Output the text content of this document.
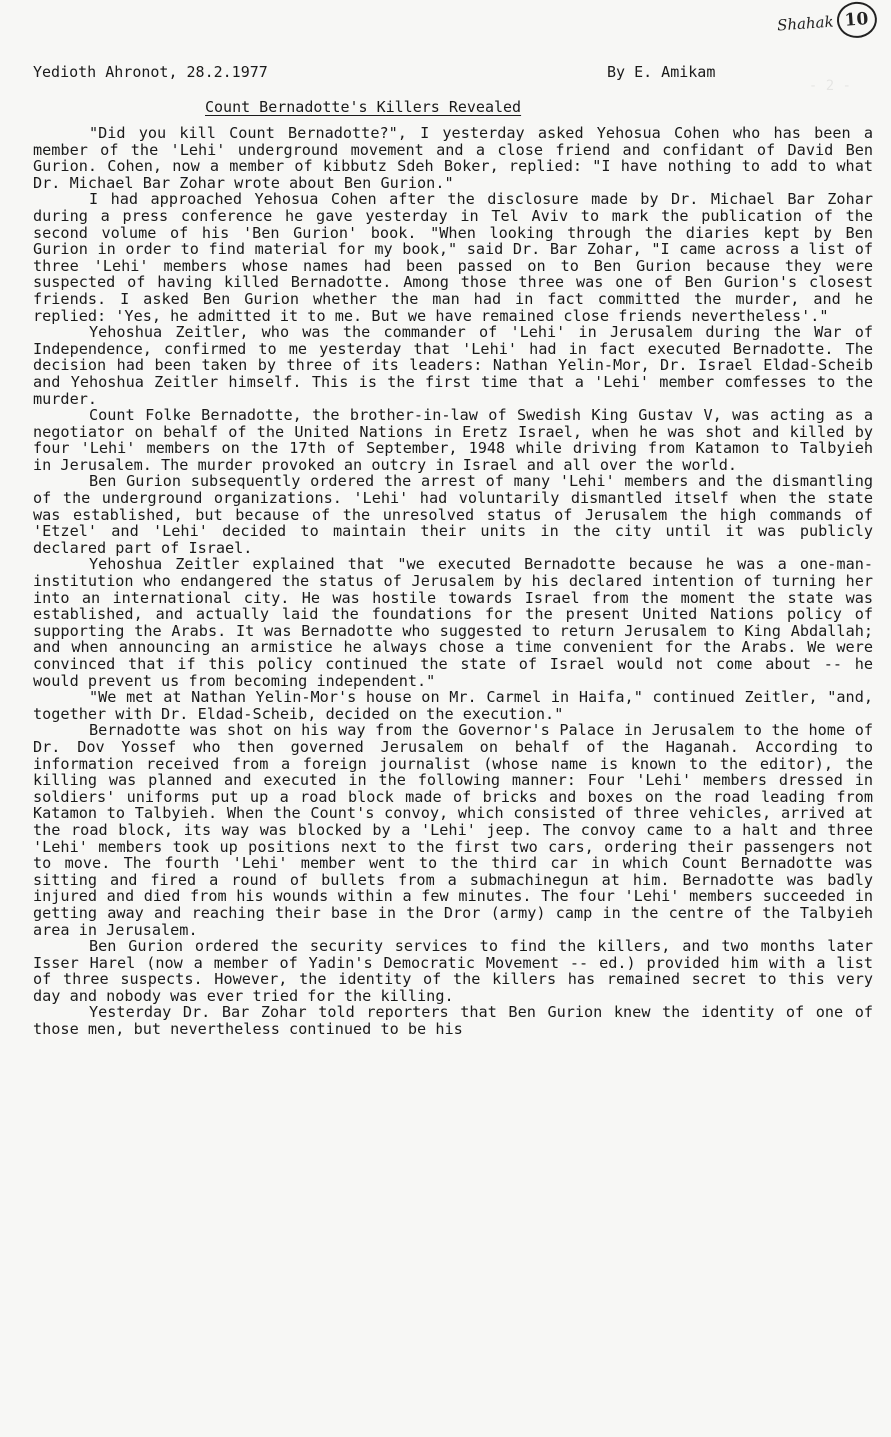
- 2 -
Shahak 10
Yedioth Ahronot, 28.2.1977	By E. Amikam
Count Bernadotte's Killers Revealed

"Did you kill Count Bernadotte?", I yesterday asked Yehosua Cohen who has been a member of the 'Lehi' underground movement and a close friend and confidant of David Ben Gurion. Cohen, now a member of kibbutz Sdeh Boker, replied: "I have nothing to add to what Dr. Michael Bar Zohar wrote about Ben Gurion."

I had approached Yehosua Cohen after the disclosure made by Dr. Michael Bar Zohar during a press conference he gave yesterday in Tel Aviv to mark the publication of the second volume of his 'Ben Gurion' book. "When looking through the diaries kept by Ben Gurion in order to find material for my book," said Dr. Bar Zohar, "I came across a list of three 'Lehi' members whose names had been passed on to Ben Gurion because they were suspected of having killed Bernadotte. Among those three was one of Ben Gurion's closest friends. I asked Ben Gurion whether the man had in fact committed the murder, and he replied: 'Yes, he admitted it to me. But we have remained close friends nevertheless'."

Yehoshua Zeitler, who was the commander of 'Lehi' in Jerusalem during the War of Independence, confirmed to me yesterday that 'Lehi' had in fact executed Bernadotte. The decision had been taken by three of its leaders: Nathan Yelin-Mor, Dr. Israel Eldad-Scheib and Yehoshua Zeitler himself. This is the first time that a 'Lehi' member comfesses to the murder.

Count Folke Bernadotte, the brother-in-law of Swedish King Gustav V, was acting as a negotiator on behalf of the United Nations in Eretz Israel, when he was shot and killed by four 'Lehi' members on the 17th of September, 1948 while driving from Katamon to Talbyieh in Jerusalem. The murder provoked an outcry in Israel and all over the world.

Ben Gurion subsequently ordered the arrest of many 'Lehi' members and the dismantling of the underground organizations. 'Lehi' had voluntarily dismantled itself when the state was established, but because of the unresolved status of Jerusalem the high commands of 'Etzel' and 'Lehi' decided to maintain their units in the city until it was publicly declared part of Israel.

Yehoshua Zeitler explained that "we executed Bernadotte because he was a one-man-institution who endangered the status of Jerusalem by his declared intention of turning her into an international city. He was hostile towards Israel from the moment the state was established, and actually laid the foundations for the present United Nations policy of supporting the Arabs. It was Bernadotte who suggested to return Jerusalem to King Abdallah; and when announcing an armistice he always chose a time convenient for the Arabs. We were convinced that if this policy continued the state of Israel would not come about -- he would prevent us from becoming independent."

"We met at Nathan Yelin-Mor's house on Mr. Carmel in Haifa," continued Zeitler, "and, together with Dr. Eldad-Scheib, decided on the execution."

Bernadotte was shot on his way from the Governor's Palace in Jerusalem to the home of Dr. Dov Yossef who then governed Jerusalem on behalf of the Haganah. According to information received from a foreign journalist (whose name is known to the editor), the killing was planned and executed in the following manner: Four 'Lehi' members dressed in soldiers' uniforms put up a road block made of bricks and boxes on the road leading from Katamon to Talbyieh. When the Count's convoy, which consisted of three vehicles, arrived at the road block, its way was blocked by a 'Lehi' jeep. The convoy came to a halt and three 'Lehi' members took up positions next to the first two cars, ordering their passengers not to move. The fourth 'Lehi' member went to the third car in which Count Bernadotte was sitting and fired a round of bullets from a submachinegun at him. Bernadotte was badly injured and died from his wounds within a few minutes. The four 'Lehi' members succeeded in getting away and reaching their base in the Dror (army) camp in the centre of the Talbyieh area in Jerusalem.

Ben Gurion ordered the security services to find the killers, and two months later Isser Harel (now a member of Yadin's Democratic Movement -- ed.) provided him with a list of three suspects. However, the identity of the killers has remained secret to this very day and nobody was ever tried for the killing.

Yesterday Dr. Bar Zohar told reporters that Ben Gurion knew the identity of one of those men, but nevertheless continued to be his
